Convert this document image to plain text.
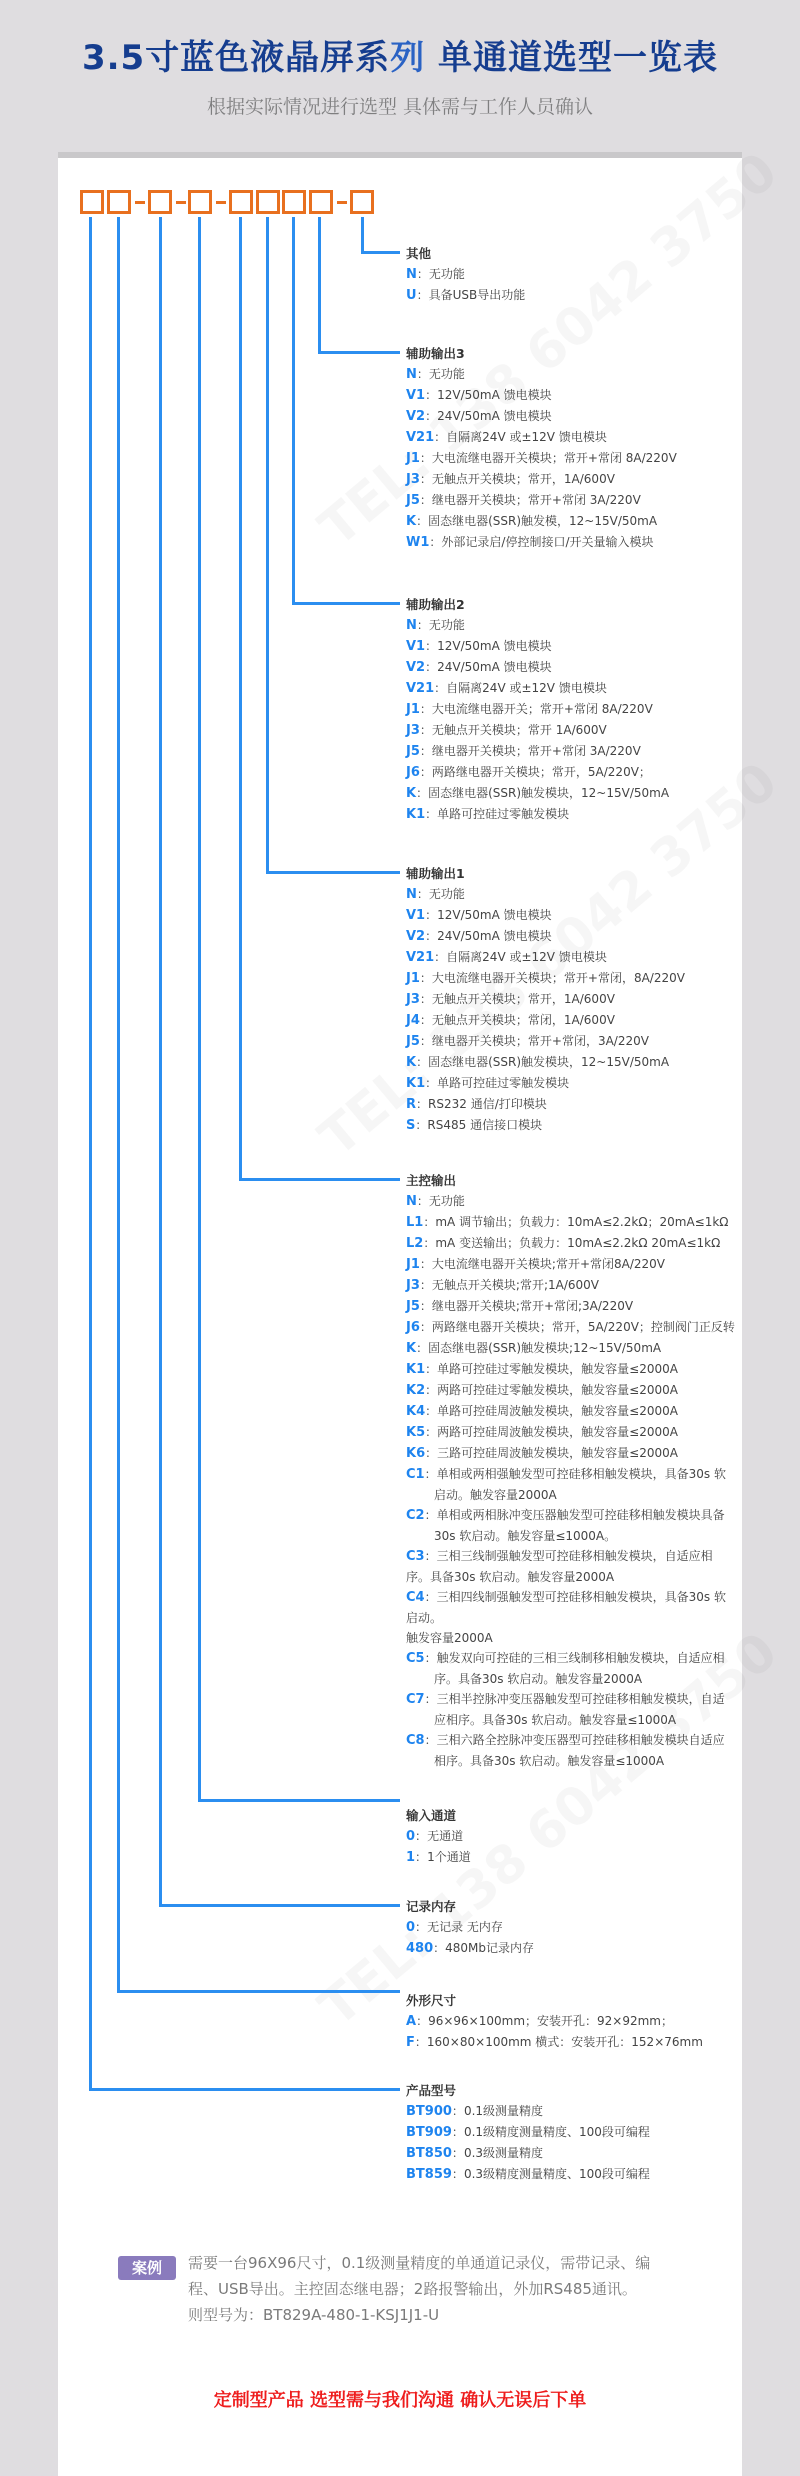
3.5寸蓝色液晶屏系列 单通道选型一览表
根据实际情况进行选型 具体需与工作人员确认
其他
N：无功能
U：具备USB导出功能
辅助输出3
N：无功能
V1：12V/50mA 馈电模块
V2：24V/50mA 馈电模块
V21：自隔离24V 或±12V 馈电模块
J1：大电流继电器开关模块；常开+常闭 8A/220V
J3：无触点开关模块；常开，1A/600V
J5：继电器开关模块；常开+常闭 3A/220V
K：固态继电器(SSR)触发模，12~15V/50mA
W1：外部记录启/停控制接口/开关量输入模块
辅助输出2
N：无功能
V1：12V/50mA 馈电模块
V2：24V/50mA 馈电模块
V21：自隔离24V 或±12V 馈电模块
J1：大电流继电器开关；常开+常闭 8A/220V
J3：无触点开关模块；常开 1A/600V
J5：继电器开关模块；常开+常闭 3A/220V
J6：两路继电器开关模块；常开，5A/220V；
K：固态继电器(SSR)触发模块，12~15V/50mA
K1：单路可控硅过零触发模块
辅助输出1
N：无功能
V1：12V/50mA 馈电模块
V2：24V/50mA 馈电模块
V21：自隔离24V 或±12V 馈电模块
J1：大电流继电器开关模块；常开+常闭，8A/220V
J3：无触点开关模块；常开，1A/600V
J4：无触点开关模块；常闭，1A/600V
J5：继电器开关模块；常开+常闭，3A/220V
K：固态继电器(SSR)触发模块，12~15V/50mA
K1：单路可控硅过零触发模块
R：RS232 通信/打印模块
S：RS485 通信接口模块
主控输出
N：无功能
L1：mA 调节输出；负载力：10mA≤2.2kΩ；20mA≤1kΩ
L2：mA 变送输出；负载力：10mA≤2.2kΩ 20mA≤1kΩ
J1：大电流继电器开关模块;常开+常闭8A/220V
J3：无触点开关模块;常开;1A/600V
J5：继电器开关模块;常开+常闭;3A/220V
J6：两路继电器开关模块；常开，5A/220V；控制阀门正反转
K：固态继电器(SSR)触发模块;12~15V/50mA
K1：单路可控硅过零触发模块，触发容量≤2000A
K2：两路可控硅过零触发模块，触发容量≤2000A
K4：单路可控硅周波触发模块，触发容量≤2000A
K5：两路可控硅周波触发模块，触发容量≤2000A
K6：三路可控硅周波触发模块，触发容量≤2000A
C1：单相或两相强触发型可控硅移相触发模块，具备30s 软启动。触发容量2000A
C2：单相或两相脉冲变压器触发型可控硅移相触发模块具备30s 软启动。触发容量≤1000A。
C3：三相三线制强触发型可控硅移相触发模块，自适应相序。具备30s 软启动。触发容量2000A
C4：三相四线制强触发型可控硅移相触发模块，具备30s 软启动。
触发容量2000A
C5：触发双向可控硅的三相三线制移相触发模块，自适应相序。具备30s 软启动。触发容量2000A
C7：三相半控脉冲变压器触发型可控硅移相触发模块，自适应相序。具备30s 软启动。触发容量≤1000A
C8：三相六路全控脉冲变压器型可控硅移相触发模块自适应相序。具备30s 软启动。触发容量≤1000A
输入通道
0：无通道
1：1个通道
记录内存
0：无记录 无内存
480：480Mb记录内存
外形尺寸
A：96×96×100mm；安装开孔：92×92mm；
F：160×80×100mm 横式：安装开孔：152×76mm
产品型号
BT900：0.1级测量精度
BT909：0.1级精度测量精度、100段可编程
BT850：0.3级测量精度
BT859：0.3级精度测量精度、100段可编程
案例	需要一台96X96尺寸，0.1级测量精度的单通道记录仪，需带记录、编
程、USB导出。主控固态继电器；2路报警输出，外加RS485通讯。
则型号为：BT829A-480-1-KSJ1J1-U
定制型产品 选型需与我们沟通 确认无误后下单
